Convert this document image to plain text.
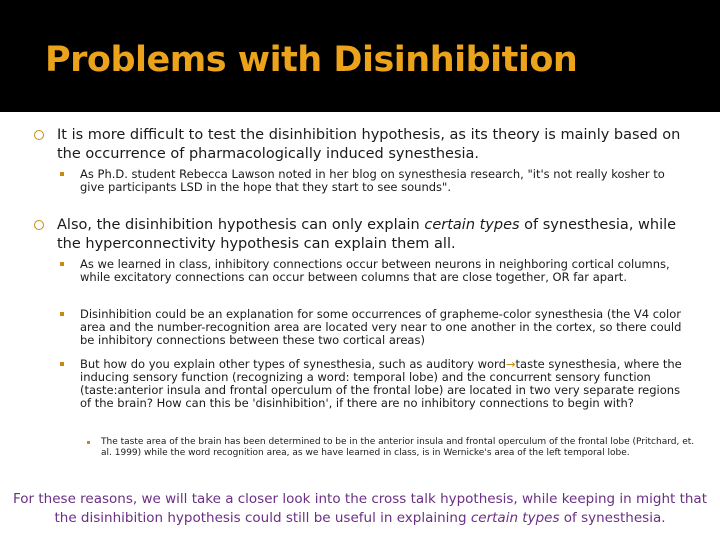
Problems with Disinhibition
It is more difficult to test the disinhibition hypothesis, as its theory is mainly based on the occurrence of pharmacologically induced synesthesia.
As Ph.D. student Rebecca Lawson noted in her blog on synesthesia research, "it's not really kosher to give participants LSD in the hope that they start to see sounds".
Also, the disinhibition hypothesis can only explain certain types of synesthesia, while the hyperconnectivity hypothesis can explain them all.
As we learned in class, inhibitory connections occur between neurons in neighboring cortical columns, while excitatory connections can occur between columns that are close together, OR far apart.
Disinhibition could be an explanation for some occurrences of grapheme-color synesthesia (the V4 color area and the number-recognition area are located very near to one another in the cortex, so there could be inhibitory connections between these two cortical areas)
But how do you explain other types of synesthesia, such as auditory word→taste synesthesia, where the inducing sensory function (recognizing a word: temporal lobe) and the concurrent sensory function (taste:anterior insula and frontal operculum of the frontal lobe) are located in two very separate regions of the brain? How can this be 'disinhibition', if there are no inhibitory connections to begin with?
The taste area of the brain has been determined to be in the anterior insula and frontal operculum of the frontal lobe (Pritchard, et. al. 1999) while the word recognition area, as we have learned in class, is in Wernicke's area of the left temporal lobe.
For these reasons, we will take a closer look into the cross talk hypothesis, while keeping in might that the disinhibition hypothesis could still be useful in explaining certain types of synesthesia.
